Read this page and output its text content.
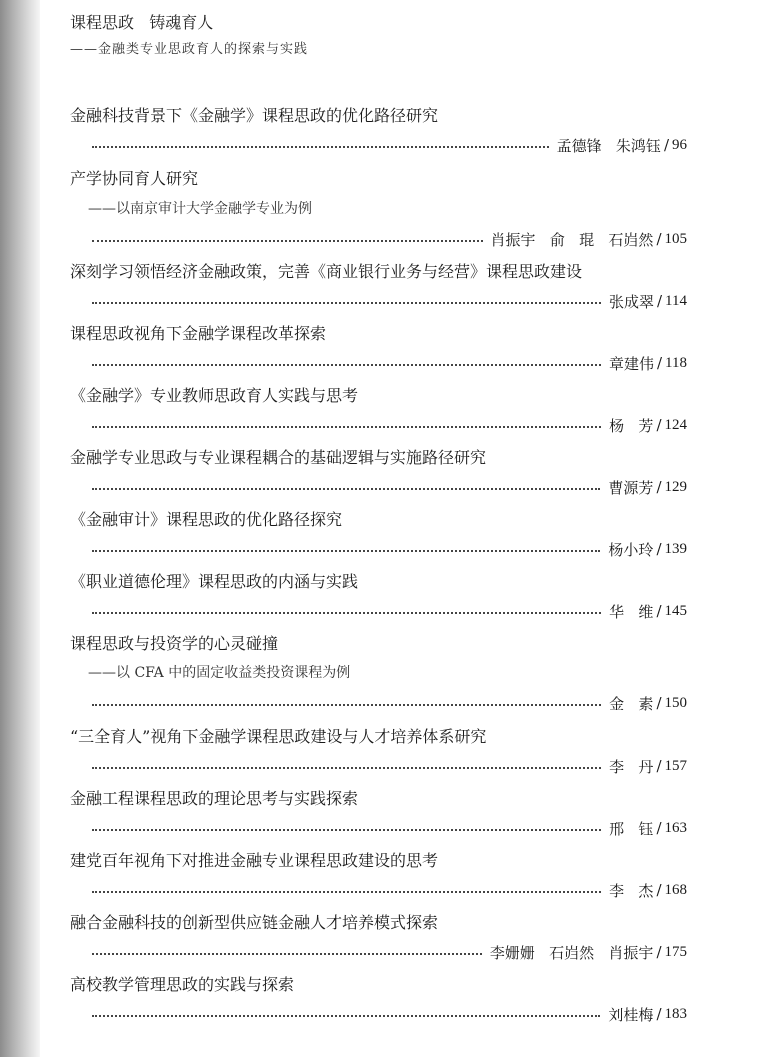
课程思政   铸魂育人
——金融类专业思政育人的探索与实践
金融科技背景下《金融学》课程思政的优化路径研究
孟德锋   朱鸿钰 / 96
产学协同育人研究
——以南京审计大学金融学专业为例
肖振宇   俞   琨   石岿然 / 105
深刻学习领悟经济金融政策，完善《商业银行业务与经营》课程思政建设
张成翠 / 114
课程思政视角下金融学课程改革探索
章建伟 / 118
《金融学》专业教师思政育人实践与思考
杨   芳 / 124
金融学专业思政与专业课程耦合的基础逻辑与实施路径研究
曹源芳 / 129
《金融审计》课程思政的优化路径探究
杨小玲 / 139
《职业道德伦理》课程思政的内涵与实践
华   维 / 145
课程思政与投资学的心灵碰撞
——以 CFA 中的固定收益类投资课程为例
金   素 / 150
“三全育人”视角下金融学课程思政建设与人才培养体系研究
李   丹 / 157
金融工程课程思政的理论思考与实践探索
邢   钰 / 163
建党百年视角下对推进金融专业课程思政建设的思考
李   杰 / 168
融合金融科技的创新型供应链金融人才培养模式探索
李姗姗   石岿然   肖振宇 / 175
高校教学管理思政的实践与探索
刘桂梅 / 183
